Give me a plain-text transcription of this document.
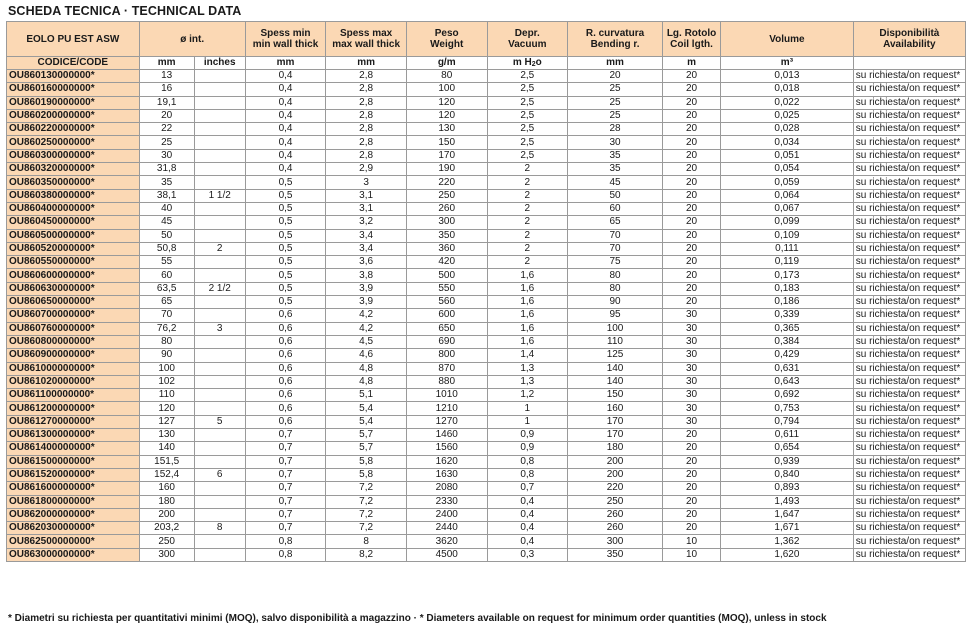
SCHEDA TECNICA · TECHNICAL DATA
EOLO PU EST ASW	ø int.		Spess min
min wall thick	Spess max
max wall thick	Peso
Weight	Depr.
Vacuum	R. curvatura
Bending r.	Lg. Rotolo
Coil lgth.	Volume	Disponibilità
Availability
CODICE/CODE	mm	inches	mm	mm	g/m	m $H_2o$	mm	m	m³	
OU860130000000*	13		0,4	2,8	80	2,5	20	20	0,013	su richiesta/on request*
OU860160000000*	16		0,4	2,8	100	2,5	25	20	0,018	su richiesta/on request*
OU860190000000*	19,1		0,4	2,8	120	2,5	25	20	0,022	su richiesta/on request*
OU860200000000*	20		0,4	2,8	120	2,5	25	20	0,025	su richiesta/on request*
OU860220000000*	22		0,4	2,8	130	2,5	28	20	0,028	su richiesta/on request*
OU860250000000*	25		0,4	2,8	150	2,5	30	20	0,034	su richiesta/on request*
OU860300000000*	30		0,4	2,8	170	2,5	35	20	0,051	su richiesta/on request*
OU860320000000*	31,8		0,4	2,9	190	2	35	20	0,054	su richiesta/on request*
OU860350000000*	35		0,5	3	220	2	45	20	0,059	su richiesta/on request*
OU860380000000*	38,1	1 1/2	0,5	3,1	250	2	50	20	0,064	su richiesta/on request*
OU860400000000*	40		0,5	3,1	260	2	60	20	0,067	su richiesta/on request*
OU860450000000*	45		0,5	3,2	300	2	65	20	0,099	su richiesta/on request*
OU860500000000*	50		0,5	3,4	350	2	70	20	0,109	su richiesta/on request*
OU860520000000*	50,8	2	0,5	3,4	360	2	70	20	0,111	su richiesta/on request*
OU860550000000*	55		0,5	3,6	420	2	75	20	0,119	su richiesta/on request*
OU860600000000*	60		0,5	3,8	500	1,6	80	20	0,173	su richiesta/on request*
OU860630000000*	63,5	2 1/2	0,5	3,9	550	1,6	80	20	0,183	su richiesta/on request*
OU860650000000*	65		0,5	3,9	560	1,6	90	20	0,186	su richiesta/on request*
OU860700000000*	70		0,6	4,2	600	1,6	95	30	0,339	su richiesta/on request*
OU860760000000*	76,2	3	0,6	4,2	650	1,6	100	30	0,365	su richiesta/on request*
OU860800000000*	80		0,6	4,5	690	1,6	110	30	0,384	su richiesta/on request*
OU860900000000*	90		0,6	4,6	800	1,4	125	30	0,429	su richiesta/on request*
OU861000000000*	100		0,6	4,8	870	1,3	140	30	0,631	su richiesta/on request*
OU861020000000*	102		0,6	4,8	880	1,3	140	30	0,643	su richiesta/on request*
OU861100000000*	110		0,6	5,1	1010	1,2	150	30	0,692	su richiesta/on request*
OU861200000000*	120		0,6	5,4	1210	1	160	30	0,753	su richiesta/on request*
OU861270000000*	127	5	0,6	5,4	1270	1	170	30	0,794	su richiesta/on request*
OU861300000000*	130		0,7	5,7	1460	0,9	170	20	0,611	su richiesta/on request*
OU861400000000*	140		0,7	5,7	1560	0,9	180	20	0,654	su richiesta/on request*
OU861500000000*	151,5		0,7	5,8	1620	0,8	200	20	0,939	su richiesta/on request*
OU861520000000*	152,4	6	0,7	5,8	1630	0,8	200	20	0,840	su richiesta/on request*
OU861600000000*	160		0,7	7,2	2080	0,7	220	20	0,893	su richiesta/on request*
OU861800000000*	180		0,7	7,2	2330	0,4	250	20	1,493	su richiesta/on request*
OU862000000000*	200		0,7	7,2	2400	0,4	260	20	1,647	su richiesta/on request*
OU862030000000*	203,2	8	0,7	7,2	2440	0,4	260	20	1,671	su richiesta/on request*
OU862500000000*	250		0,8	8	3620	0,4	300	10	1,362	su richiesta/on request*
OU863000000000*	300		0,8	8,2	4500	0,3	350	10	1,620	su richiesta/on request*
* Diametri su richiesta per quantitativi minimi (MOQ), salvo disponibilità a magazzino · * Diameters available on request for minimum order quantities (MOQ), unless in stock
